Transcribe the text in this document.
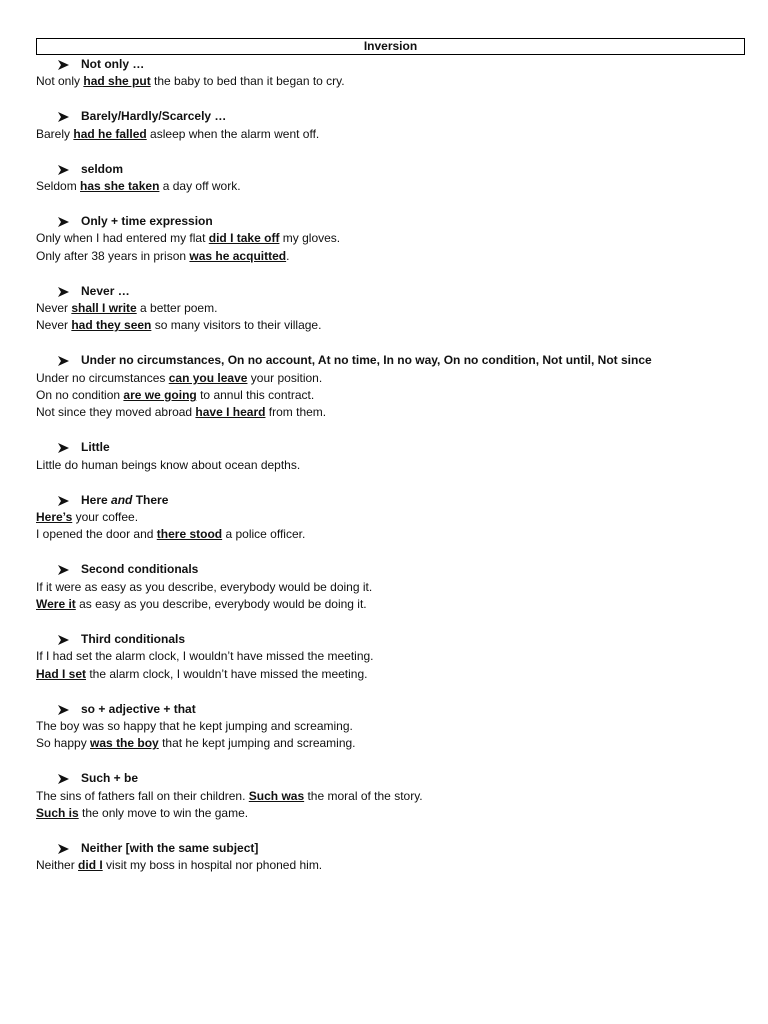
Inversion
Not only …
Not only had she put the baby to bed than it began to cry.
Barely/Hardly/Scarcely …
Barely had he falled asleep when the alarm went off.
seldom
Seldom has she taken a day off work.
Only + time expression
Only when I had entered my flat did I take off my gloves.
Only after 38 years in prison was he acquitted.
Never …
Never shall I write a better poem.
Never had they seen so many visitors to their village.
Under no circumstances, On no account, At no time, In no way, On no condition, Not until, Not since
Under no circumstances can you leave your position.
On no condition are we going to annul this contract.
Not since they moved abroad have I heard from them.
Little
Little do human beings know about ocean depths.
Here and There
Here’s your coffee.
I opened the door and there stood a police officer.
Second conditionals
If it were as easy as you describe, everybody would be doing it.
Were it as easy as you describe, everybody would be doing it.
Third conditionals
If I had set the alarm clock, I wouldn’t have missed the meeting.
Had I set the alarm clock, I wouldn’t have missed the meeting.
so + adjective + that
The boy was so happy that he kept jumping and screaming.
So happy was the boy that he kept jumping and screaming.
Such + be
The sins of fathers fall on their children. Such was the moral of the story.
Such is the only move to win the game.
Neither [with the same subject]
Neither did I visit my boss in hospital nor phoned him.
